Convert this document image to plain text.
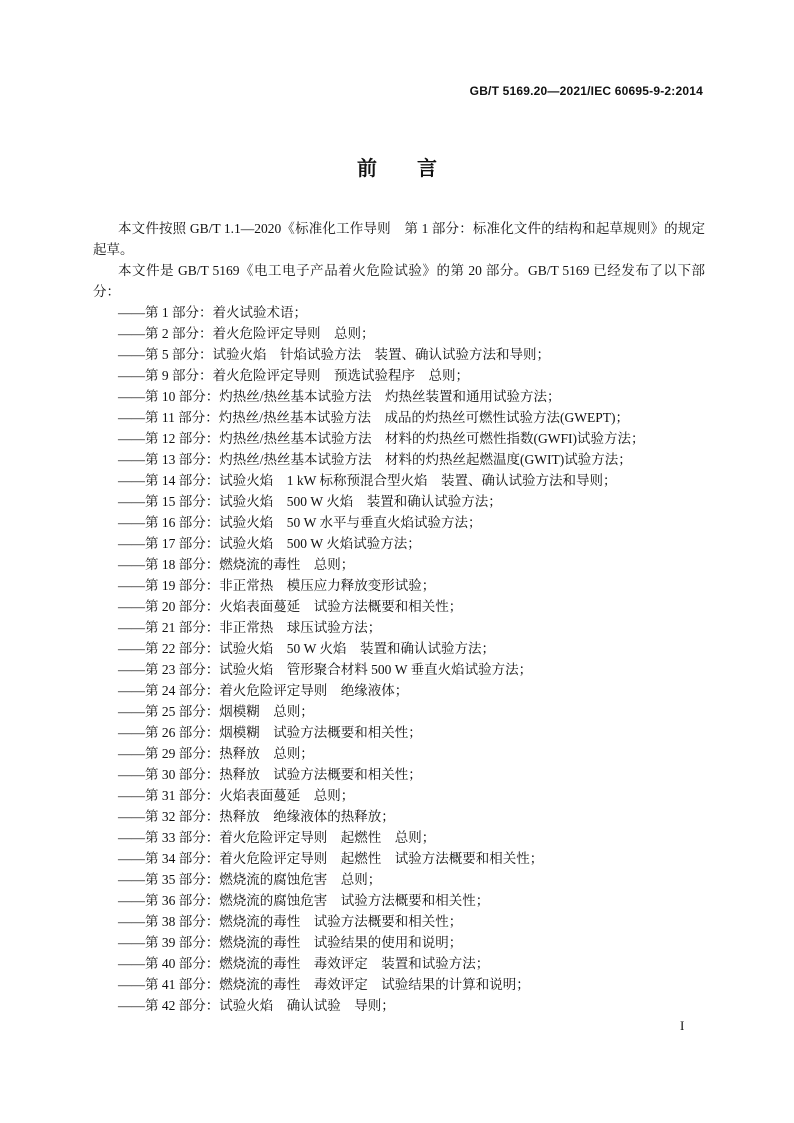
GB/T 5169.20—2021/IEC 60695-9-2:2014
前　言

本文件按照 GB/T 1.1—2020《标准化工作导则　第 1 部分：标准化文件的结构和起草规则》的规定起草。

本文件是 GB/T 5169《电工电子产品着火危险试验》的第 20 部分。GB/T 5169 已经发布了以下部分：

——第 1 部分：着火试验术语；
——第 2 部分：着火危险评定导则　总则；
——第 5 部分：试验火焰　针焰试验方法　装置、确认试验方法和导则；
——第 9 部分：着火危险评定导则　预选试验程序　总则；
——第 10 部分：灼热丝/热丝基本试验方法　灼热丝装置和通用试验方法；
——第 11 部分：灼热丝/热丝基本试验方法　成品的灼热丝可燃性试验方法(GWEPT)；
——第 12 部分：灼热丝/热丝基本试验方法　材料的灼热丝可燃性指数(GWFI)试验方法；
——第 13 部分：灼热丝/热丝基本试验方法　材料的灼热丝起燃温度(GWIT)试验方法；
——第 14 部分：试验火焰　1 kW 标称预混合型火焰　装置、确认试验方法和导则；
——第 15 部分：试验火焰　500 W 火焰　装置和确认试验方法；
——第 16 部分：试验火焰　50 W 水平与垂直火焰试验方法；
——第 17 部分：试验火焰　500 W 火焰试验方法；
——第 18 部分：燃烧流的毒性　总则；
——第 19 部分：非正常热　模压应力释放变形试验；
——第 20 部分：火焰表面蔓延　试验方法概要和相关性；
——第 21 部分：非正常热　球压试验方法；
——第 22 部分：试验火焰　50 W 火焰　装置和确认试验方法；
——第 23 部分：试验火焰　管形聚合材料 500 W 垂直火焰试验方法；
——第 24 部分：着火危险评定导则　绝缘液体；
——第 25 部分：烟模糊　总则；
——第 26 部分：烟模糊　试验方法概要和相关性；
——第 29 部分：热释放　总则；
——第 30 部分：热释放　试验方法概要和相关性；
——第 31 部分：火焰表面蔓延　总则；
——第 32 部分：热释放　绝缘液体的热释放；
——第 33 部分：着火危险评定导则　起燃性　总则；
——第 34 部分：着火危险评定导则　起燃性　试验方法概要和相关性；
——第 35 部分：燃烧流的腐蚀危害　总则；
——第 36 部分：燃烧流的腐蚀危害　试验方法概要和相关性；
——第 38 部分：燃烧流的毒性　试验方法概要和相关性；
——第 39 部分：燃烧流的毒性　试验结果的使用和说明；
——第 40 部分：燃烧流的毒性　毒效评定　装置和试验方法；
——第 41 部分：燃烧流的毒性　毒效评定　试验结果的计算和说明；
——第 42 部分：试验火焰　确认试验　导则；
I
